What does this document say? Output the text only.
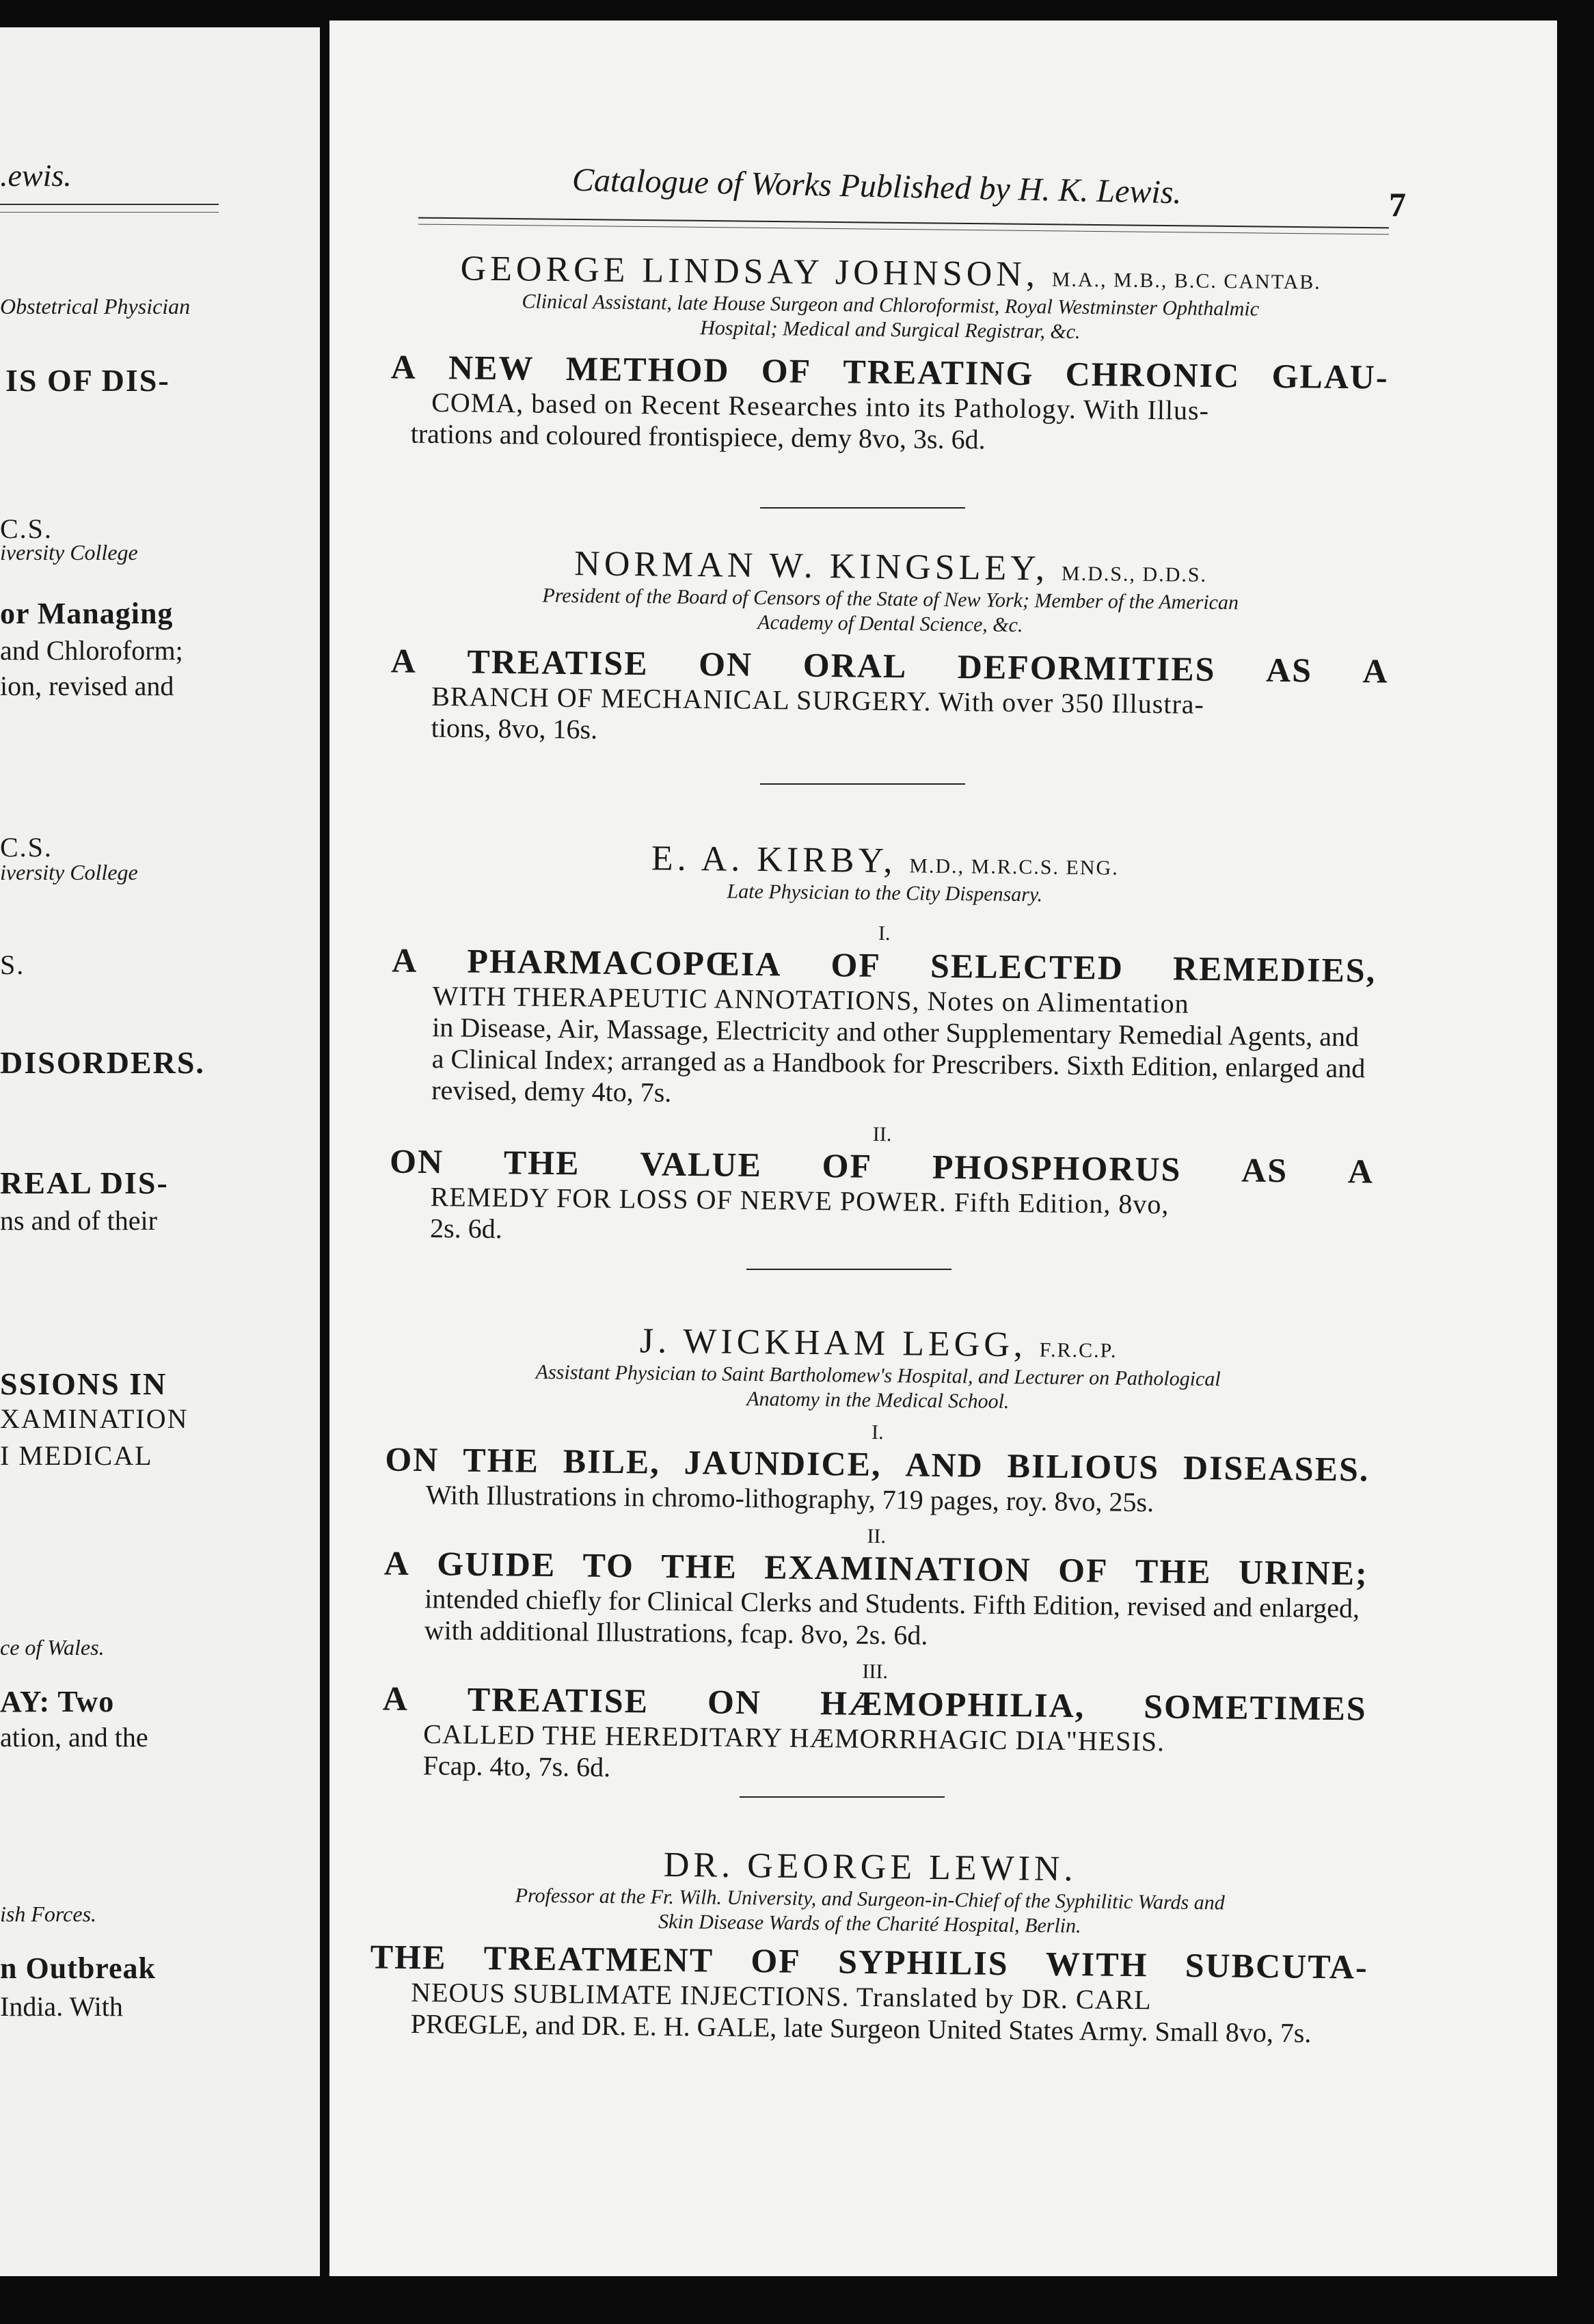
.ewis.
Obstetrical Physician
IS OF DIS-
C.S.
iversity College
or Managing
and Chloroform;
ion, revised and
C.S.
iversity College
S.
DISORDERS.
REAL DIS-
ns and of their
SSIONS IN
XAMINATION
I MEDICAL
ce of Wales.
AY: Two
ation, and the
ish Forces.
n Outbreak
India. With
Catalogue of Works Published by H. K. Lewis.	7
GEORGE LINDSAY JOHNSON, M.A., M.B., B.C. CANTAB.
Clinical Assistant, late House Surgeon and Chloroformist, Royal Westminster Ophthalmic
Hospital; Medical and Surgical Registrar, &c.
A NEW METHOD OF TREATING CHRONIC GLAU-
COMA, based on Recent Researches into its Pathology. With Illus-
trations and coloured frontispiece, demy 8vo, 3s. 6d.
NORMAN W. KINGSLEY, M.D.S., D.D.S.
President of the Board of Censors of the State of New York; Member of the American
Academy of Dental Science, &c.
A TREATISE ON ORAL DEFORMITIES AS A
BRANCH OF MECHANICAL SURGERY. With over 350 Illustra-
tions, 8vo, 16s.
E. A. KIRBY, M.D., M.R.C.S. ENG.
Late Physician to the City Dispensary.
I.
A PHARMACOPŒIA OF SELECTED REMEDIES,
WITH THERAPEUTIC ANNOTATIONS, Notes on Alimentation
in Disease, Air, Massage, Electricity and other Supplementary Remedial Agents, and a Clinical Index; arranged as a Handbook for Prescribers. Sixth Edition, enlarged and revised, demy 4to, 7s.
II.
ON THE VALUE OF PHOSPHORUS AS A
REMEDY FOR LOSS OF NERVE POWER. Fifth Edition, 8vo,
2s. 6d.
J. WICKHAM LEGG, F.R.C.P.
Assistant Physician to Saint Bartholomew's Hospital, and Lecturer on Pathological
Anatomy in the Medical School.
I.
ON THE BILE, JAUNDICE, AND BILIOUS DISEASES.
With Illustrations in chromo-lithography, 719 pages, roy. 8vo, 25s.
II.
A GUIDE TO THE EXAMINATION OF THE URINE;
intended chiefly for Clinical Clerks and Students. Fifth Edition, revised and enlarged, with additional Illustrations, fcap. 8vo, 2s. 6d.
III.
A TREATISE ON HÆMOPHILIA, SOMETIMES
CALLED THE HEREDITARY HÆMORRHAGIC DIA"HESIS.
Fcap. 4to, 7s. 6d.
DR. GEORGE LEWIN.
Professor at the Fr. Wilh. University, and Surgeon-in-Chief of the Syphilitic Wards and
Skin Disease Wards of the Charité Hospital, Berlin.
THE TREATMENT OF SYPHILIS WITH SUBCUTA-
NEOUS SUBLIMATE INJECTIONS. Translated by DR. CARL
PRŒGLE, and DR. E. H. GALE, late Surgeon United States Army. Small 8vo, 7s.
